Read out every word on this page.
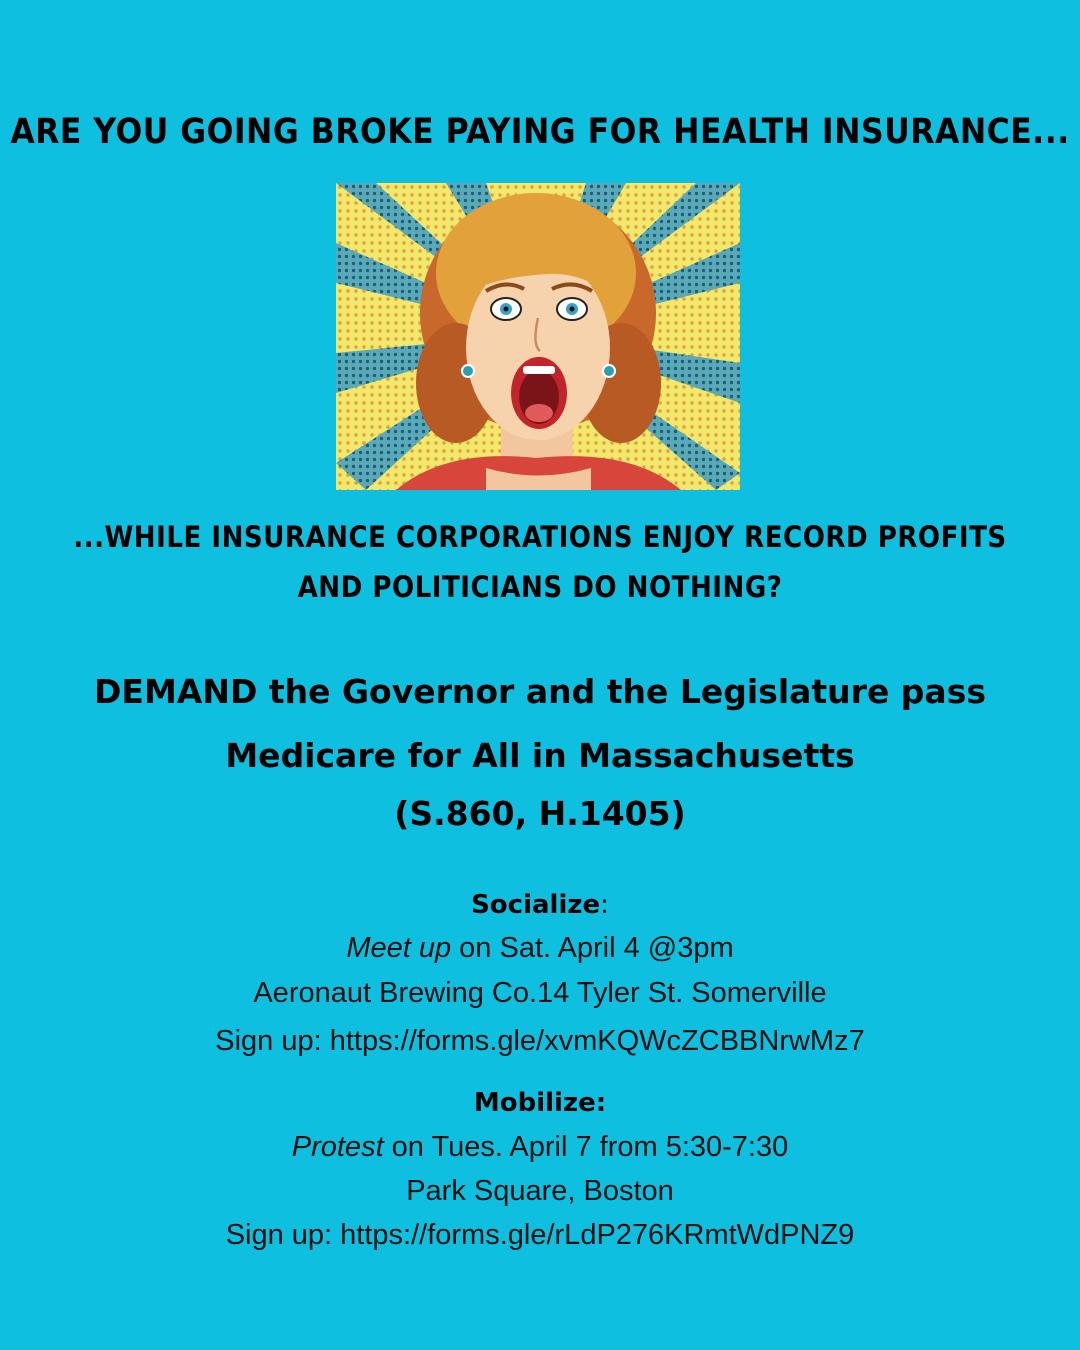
ARE YOU GOING BROKE PAYING FOR HEALTH INSURANCE...
...WHILE INSURANCE CORPORATIONS ENJOY RECORD PROFITS
AND POLITICIANS DO NOTHING?
DEMAND the Governor and the Legislature pass
Medicare for All in Massachusetts
(S.860, H.1405)
Socialize:
Meet up on Sat. April 4 @3pm
Aeronaut Brewing Co.14 Tyler St. Somerville
Sign up: https://forms.gle/xvmKQWcZCBBNrwMz7
Mobilize:
Protest on Tues. April 7 from 5:30-7:30
Park Square, Boston
Sign up: https://forms.gle/rLdP276KRmtWdPNZ9
